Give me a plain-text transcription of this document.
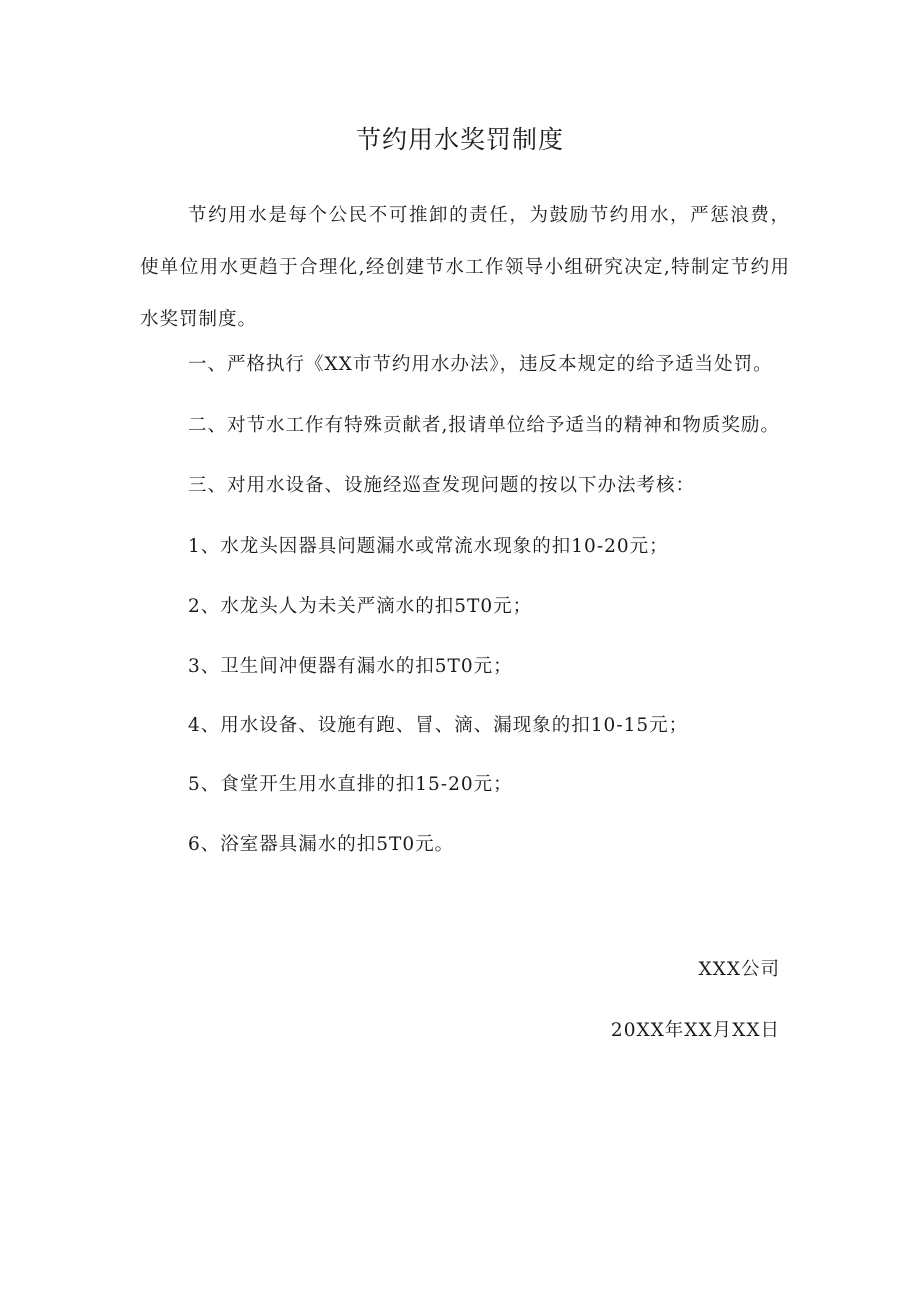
节约用水奖罚制度
节约用水是每个公民不可推卸的责任，为鼓励节约用水，严惩浪费，使单位用水更趋于合理化,经创建节水工作领导小组研究决定,特制定节约用水奖罚制度。
一、严格执行《XX市节约用水办法》，违反本规定的给予适当处罚。
二、对节水工作有特殊贡献者,报请单位给予适当的精神和物质奖励。
三、对用水设备、设施经巡查发现问题的按以下办法考核：
1、水龙头因器具问题漏水或常流水现象的扣10-20元；
2、水龙头人为未关严滴水的扣5T0元；
3、卫生间冲便器有漏水的扣5T0元；
4、用水设备、设施有跑、冒、滴、漏现象的扣10-15元；
5、食堂开生用水直排的扣15-20元；
6、浴室器具漏水的扣5T0元。
XXX公司
20XX年XX月XX日
